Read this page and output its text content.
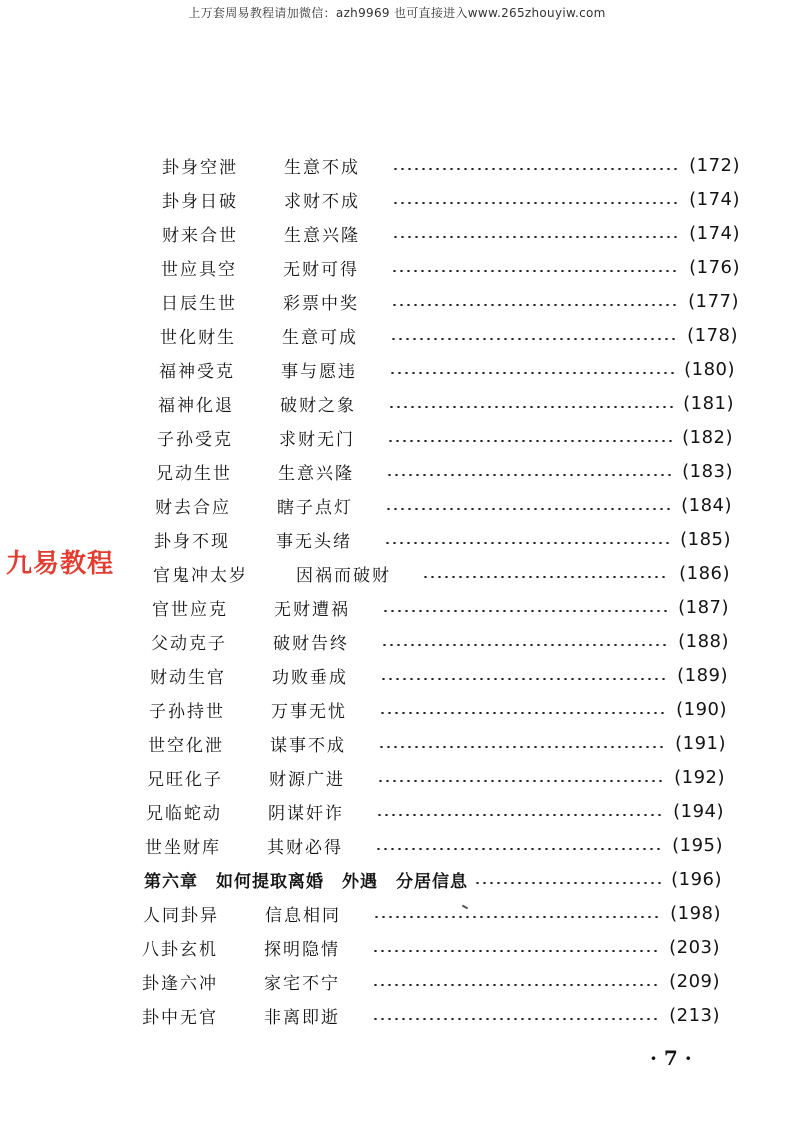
上万套周易教程请加微信：azh9969 也可直接进入www.265zhouyiw.com
九易教程
卦身空泄	生意不成	(172)
卦身日破	求财不成	(174)
财来合世	生意兴隆	(174)
世应具空	无财可得	(176)
日辰生世	彩票中奖	(177)
世化财生	生意可成	(178)
福神受克	事与愿违	(180)
福神化退	破财之象	(181)
子孙受克	求财无门	(182)
兄动生世	生意兴隆	(183)
财去合应	瞎子点灯	(184)
卦身不现	事无头绪	(185)
官鬼冲太岁	因祸而破财	(186)
官世应克	无财遭祸	(187)
父动克子	破财告终	(188)
财动生官	功败垂成	(189)
子孙持世	万事无忧	(190)
世空化泄	谋事不成	(191)
兄旺化子	财源广进	(192)
兄临蛇动	阴谋奸诈	(194)
世坐财库	其财必得	(195)
第六章　如何提取离婚　外遇　分居信息	(196)
人同卦异	信息相同	(198)
八卦玄机	探明隐情	(203)
卦逢六冲	家宅不宁	(209)
卦中无官	非离即逝	(213)
· 7 ·
